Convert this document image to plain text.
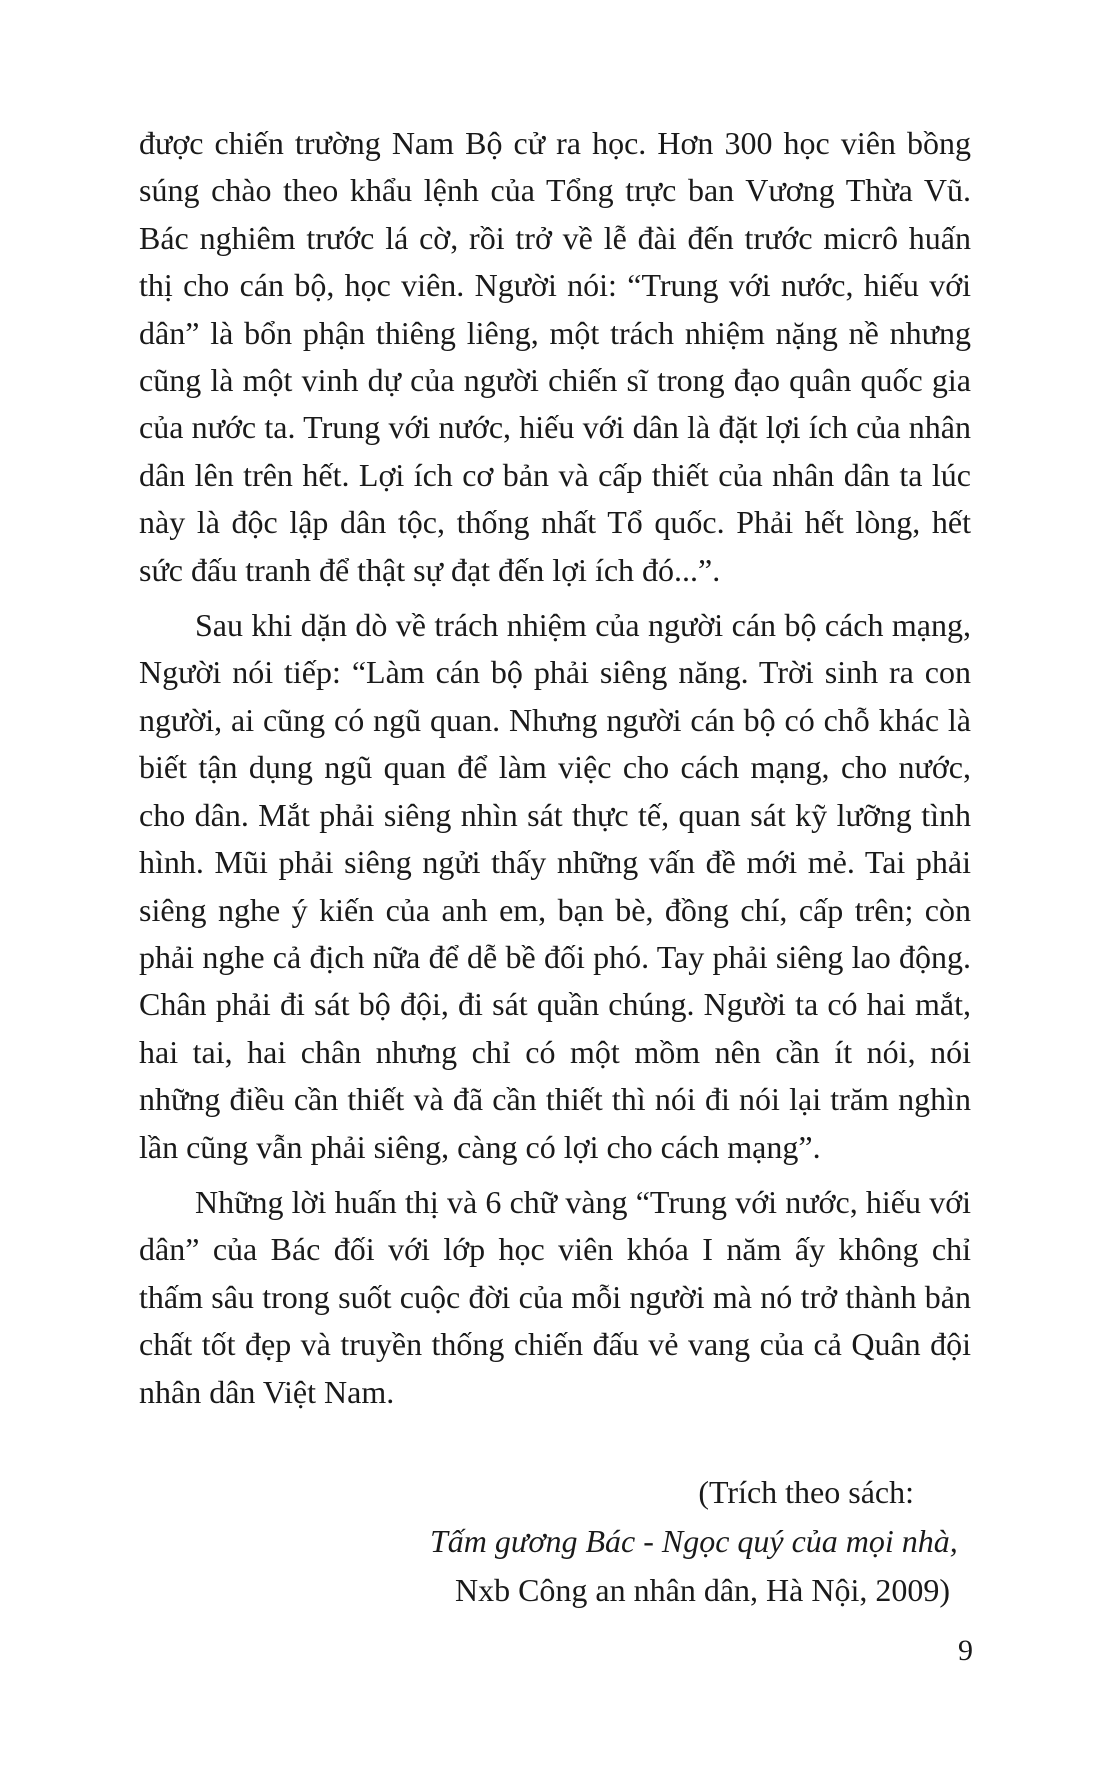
được chiến trường Nam Bộ cử ra học. Hơn 300 học viên bồng súng chào theo khẩu lệnh của Tổng trực ban Vương Thừa Vũ. Bác nghiêm trước lá cờ, rồi trở về lễ đài đến trước micrô huấn thị cho cán bộ, học viên. Người nói: “Trung với nước, hiếu với dân” là bổn phận thiêng liêng, một trách nhiệm nặng nề nhưng cũng là một vinh dự của người chiến sĩ trong đạo quân quốc gia của nước ta. Trung với nước, hiếu với dân là đặt lợi ích của nhân dân lên trên hết. Lợi ích cơ bản và cấp thiết của nhân dân ta lúc này là độc lập dân tộc, thống nhất Tổ quốc. Phải hết lòng, hết sức đấu tranh để thật sự đạt đến lợi ích đó...”.

Sau khi dặn dò về trách nhiệm của người cán bộ cách mạng, Người nói tiếp: “Làm cán bộ phải siêng năng. Trời sinh ra con người, ai cũng có ngũ quan. Nhưng người cán bộ có chỗ khác là biết tận dụng ngũ quan để làm việc cho cách mạng, cho nước, cho dân. Mắt phải siêng nhìn sát thực tế, quan sát kỹ lưỡng tình hình. Mũi phải siêng ngửi thấy những vấn đề mới mẻ. Tai phải siêng nghe ý kiến của anh em, bạn bè, đồng chí, cấp trên; còn phải nghe cả địch nữa để dễ bề đối phó. Tay phải siêng lao động. Chân phải đi sát bộ đội, đi sát quần chúng. Người ta có hai mắt, hai tai, hai chân nhưng chỉ có một mồm nên cần ít nói, nói những điều cần thiết và đã cần thiết thì nói đi nói lại trăm nghìn lần cũng vẫn phải siêng, càng có lợi cho cách mạng”.

Những lời huấn thị và 6 chữ vàng “Trung với nước, hiếu với dân” của Bác đối với lớp học viên khóa I năm ấy không chỉ thấm sâu trong suốt cuộc đời của mỗi người mà nó trở thành bản chất tốt đẹp và truyền thống chiến đấu vẻ vang của cả Quân đội nhân dân Việt Nam.

(Trích theo sách:
Tấm gương Bác - Ngọc quý của mọi nhà,
Nxb Công an nhân dân, Hà Nội, 2009)
9
